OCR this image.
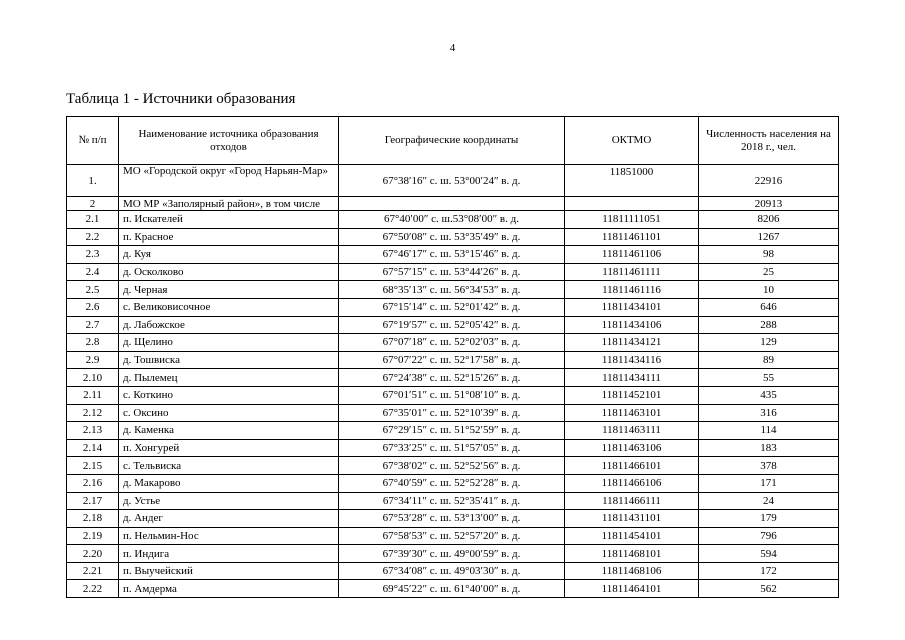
4
Таблица 1 - Источники образования
№ п/п	Наименование источника образования отходов	Географические координаты	ОКТМО	Численность населения на 2018 г., чел.
1.	МО «Городской округ «Город Нарьян-Мар»	67°38′16″ с. ш. 53°00′24″ в. д.	11851000	22916
2	МО МР «Заполярный район», в том числе			20913
2.1	п. Искателей	67°40′00″ с. ш.53°08′00″ в. д.	11811111051	8206
2.2	п. Красное	67°50′08″ с. ш. 53°35′49″ в. д.	11811461101	1267
2.3	д. Куя	67°46′17″ с. ш. 53°15′46″ в. д.	11811461106	98
2.4	д. Осколково	67°57′15″ с. ш. 53°44′26″ в. д.	11811461111	25
2.5	д. Черная	68°35′13″ с. ш. 56°34′53″ в. д.	11811461116	10
2.6	с. Великовисочное	67°15′14″ с. ш. 52°01′42″ в. д.	11811434101	646
2.7	д. Лабожское	67°19′57″ с. ш. 52°05′42″ в. д.	11811434106	288
2.8	д. Щелино	67°07′18″ с. ш. 52°02′03″ в. д.	11811434121	129
2.9	д. Тошвиска	67°07′22″ с. ш. 52°17′58″ в. д.	11811434116	89
2.10	д. Пылемец	67°24′38″ с. ш. 52°15′26″ в. д.	11811434111	55
2.11	с. Коткино	67°01′51″ с. ш. 51°08′10″ в. д.	11811452101	435
2.12	с. Оксино	67°35′01″ с. ш. 52°10′39″ в. д.	11811463101	316
2.13	д. Каменка	67°29′15″ с. ш. 51°52′59″ в. д.	11811463111	114
2.14	п. Хонгурей	67°33′25″ с. ш. 51°57′05″ в. д.	11811463106	183
2.15	с. Тельвиска	67°38′02″ с. ш. 52°52′56″ в. д.	11811466101	378
2.16	д. Макарово	67°40′59″ с. ш. 52°52′28″ в. д.	11811466106	171
2.17	д. Устье	67°34′11″ с. ш. 52°35′41″ в. д.	11811466111	24
2.18	д. Андег	67°53′28″ с. ш. 53°13′00″ в. д.	11811431101	179
2.19	п. Нельмин-Нос	67°58′53″ с. ш. 52°57′20″ в. д.	11811454101	796
2.20	п. Индига	67°39′30″ с. ш. 49°00′59″ в. д.	11811468101	594
2.21	п. Выучейский	67°34′08″ с. ш. 49°03′30″ в. д.	11811468106	172
2.22	п. Амдерма	69°45′22″ с. ш. 61°40′00″ в. д.	11811464101	562
